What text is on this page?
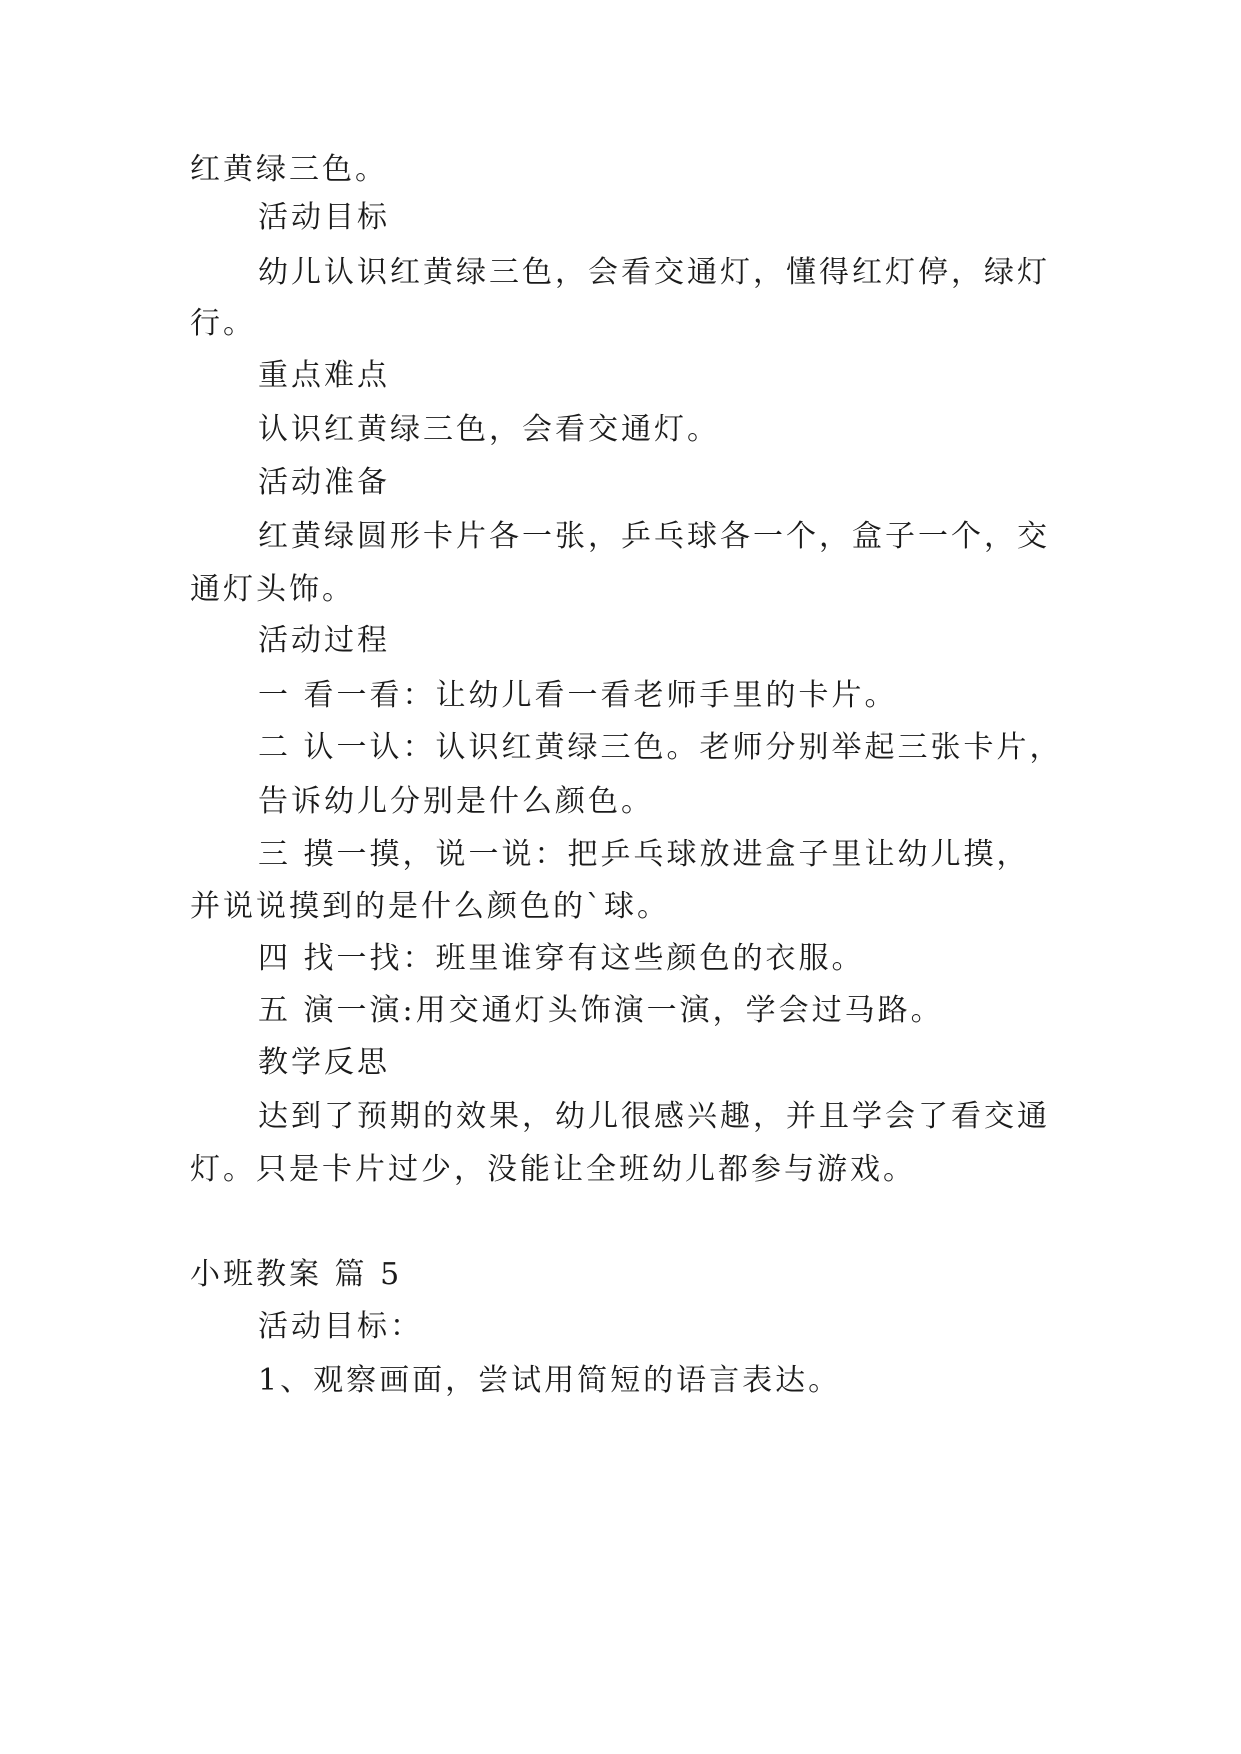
红黄绿三色。
活动目标
幼儿认识红黄绿三色，会看交通灯，懂得红灯停，绿灯
行。
重点难点
认识红黄绿三色，会看交通灯。
活动准备
红黄绿圆形卡片各一张，乒乓球各一个，盒子一个，交
通灯头饰。
活动过程
一 看一看：让幼儿看一看老师手里的卡片。
二 认一认：认识红黄绿三色。老师分别举起三张卡片，
告诉幼儿分别是什么颜色。
三 摸一摸，说一说：把乒乓球放进盒子里让幼儿摸，
并说说摸到的是什么颜色的`球。
四 找一找：班里谁穿有这些颜色的衣服。
五 演一演:用交通灯头饰演一演，学会过马路。
教学反思
达到了预期的效果，幼儿很感兴趣，并且学会了看交通
灯。只是卡片过少，没能让全班幼儿都参与游戏。
小班教案 篇 5
活动目标：
1、观察画面，尝试用简短的语言表达。
